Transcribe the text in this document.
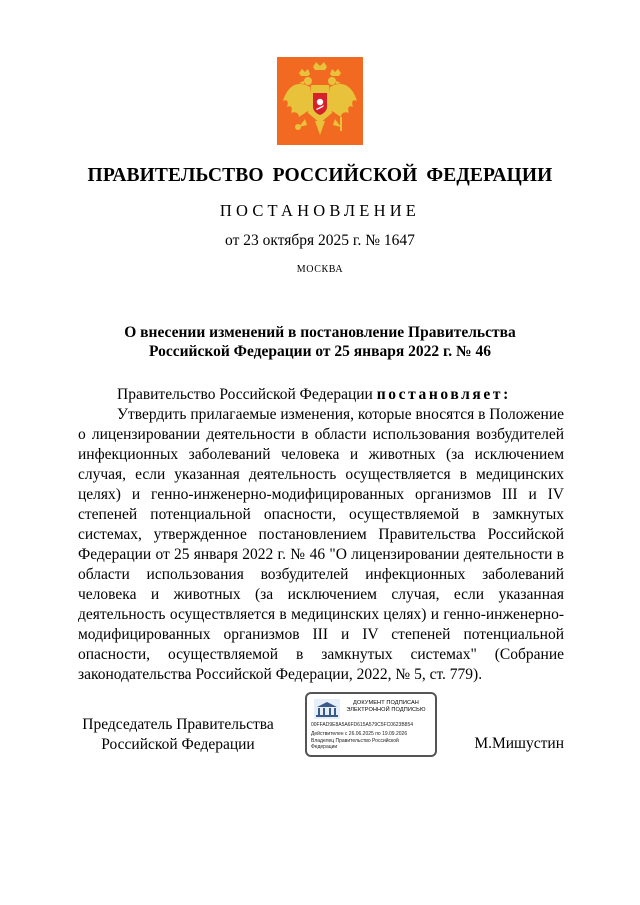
ПРАВИТЕЛЬСТВО РОССИЙСКОЙ ФЕДЕРАЦИИ
ПОСТАНОВЛЕНИЕ
от 23 октября 2025 г. № 1647
МОСКВА
О внесении изменений в постановление Правительства
Российской Федерации от 25 января 2022 г. № 46

Правительство Российской Федерации постановляет:

Утвердить прилагаемые изменения, которые вносятся в Положение о лицензировании деятельности в области использования возбудителей инфекционных заболеваний человека и животных (за исключением случая, если указанная деятельность осуществляется в медицинских целях) и генно-инженерно-модифицированных организмов III и IV степеней потенциальной опасности, осуществляемой в замкнутых системах, утвержденное постановлением Правительства Российской Федерации от 25 января 2022 г. № 46 "О лицензировании деятельности в области использования возбудителей инфекционных заболеваний человека и животных (за исключением случая, если указанная деятельность осуществляется в медицинских целях) и генно-инженерно-модифицированных организмов III и IV степеней потенциальной опасности, осуществляемой в замкнутых системах" (Собрание законодательства Российской Федерации, 2022, № 5, ст. 779).

Председатель Правительства
Российской Федерации
ДОКУМЕНТ ПОДПИСАН
ЭЛЕКТРОННОЙ ПОДПИСЬЮ
00FFAD9E8A5A6FD615A579C5FC0623B854
Действителен с 26.06.2025 по 19.09.2026
Владелец Правительство Российской
Федерации	М.Мишустин
